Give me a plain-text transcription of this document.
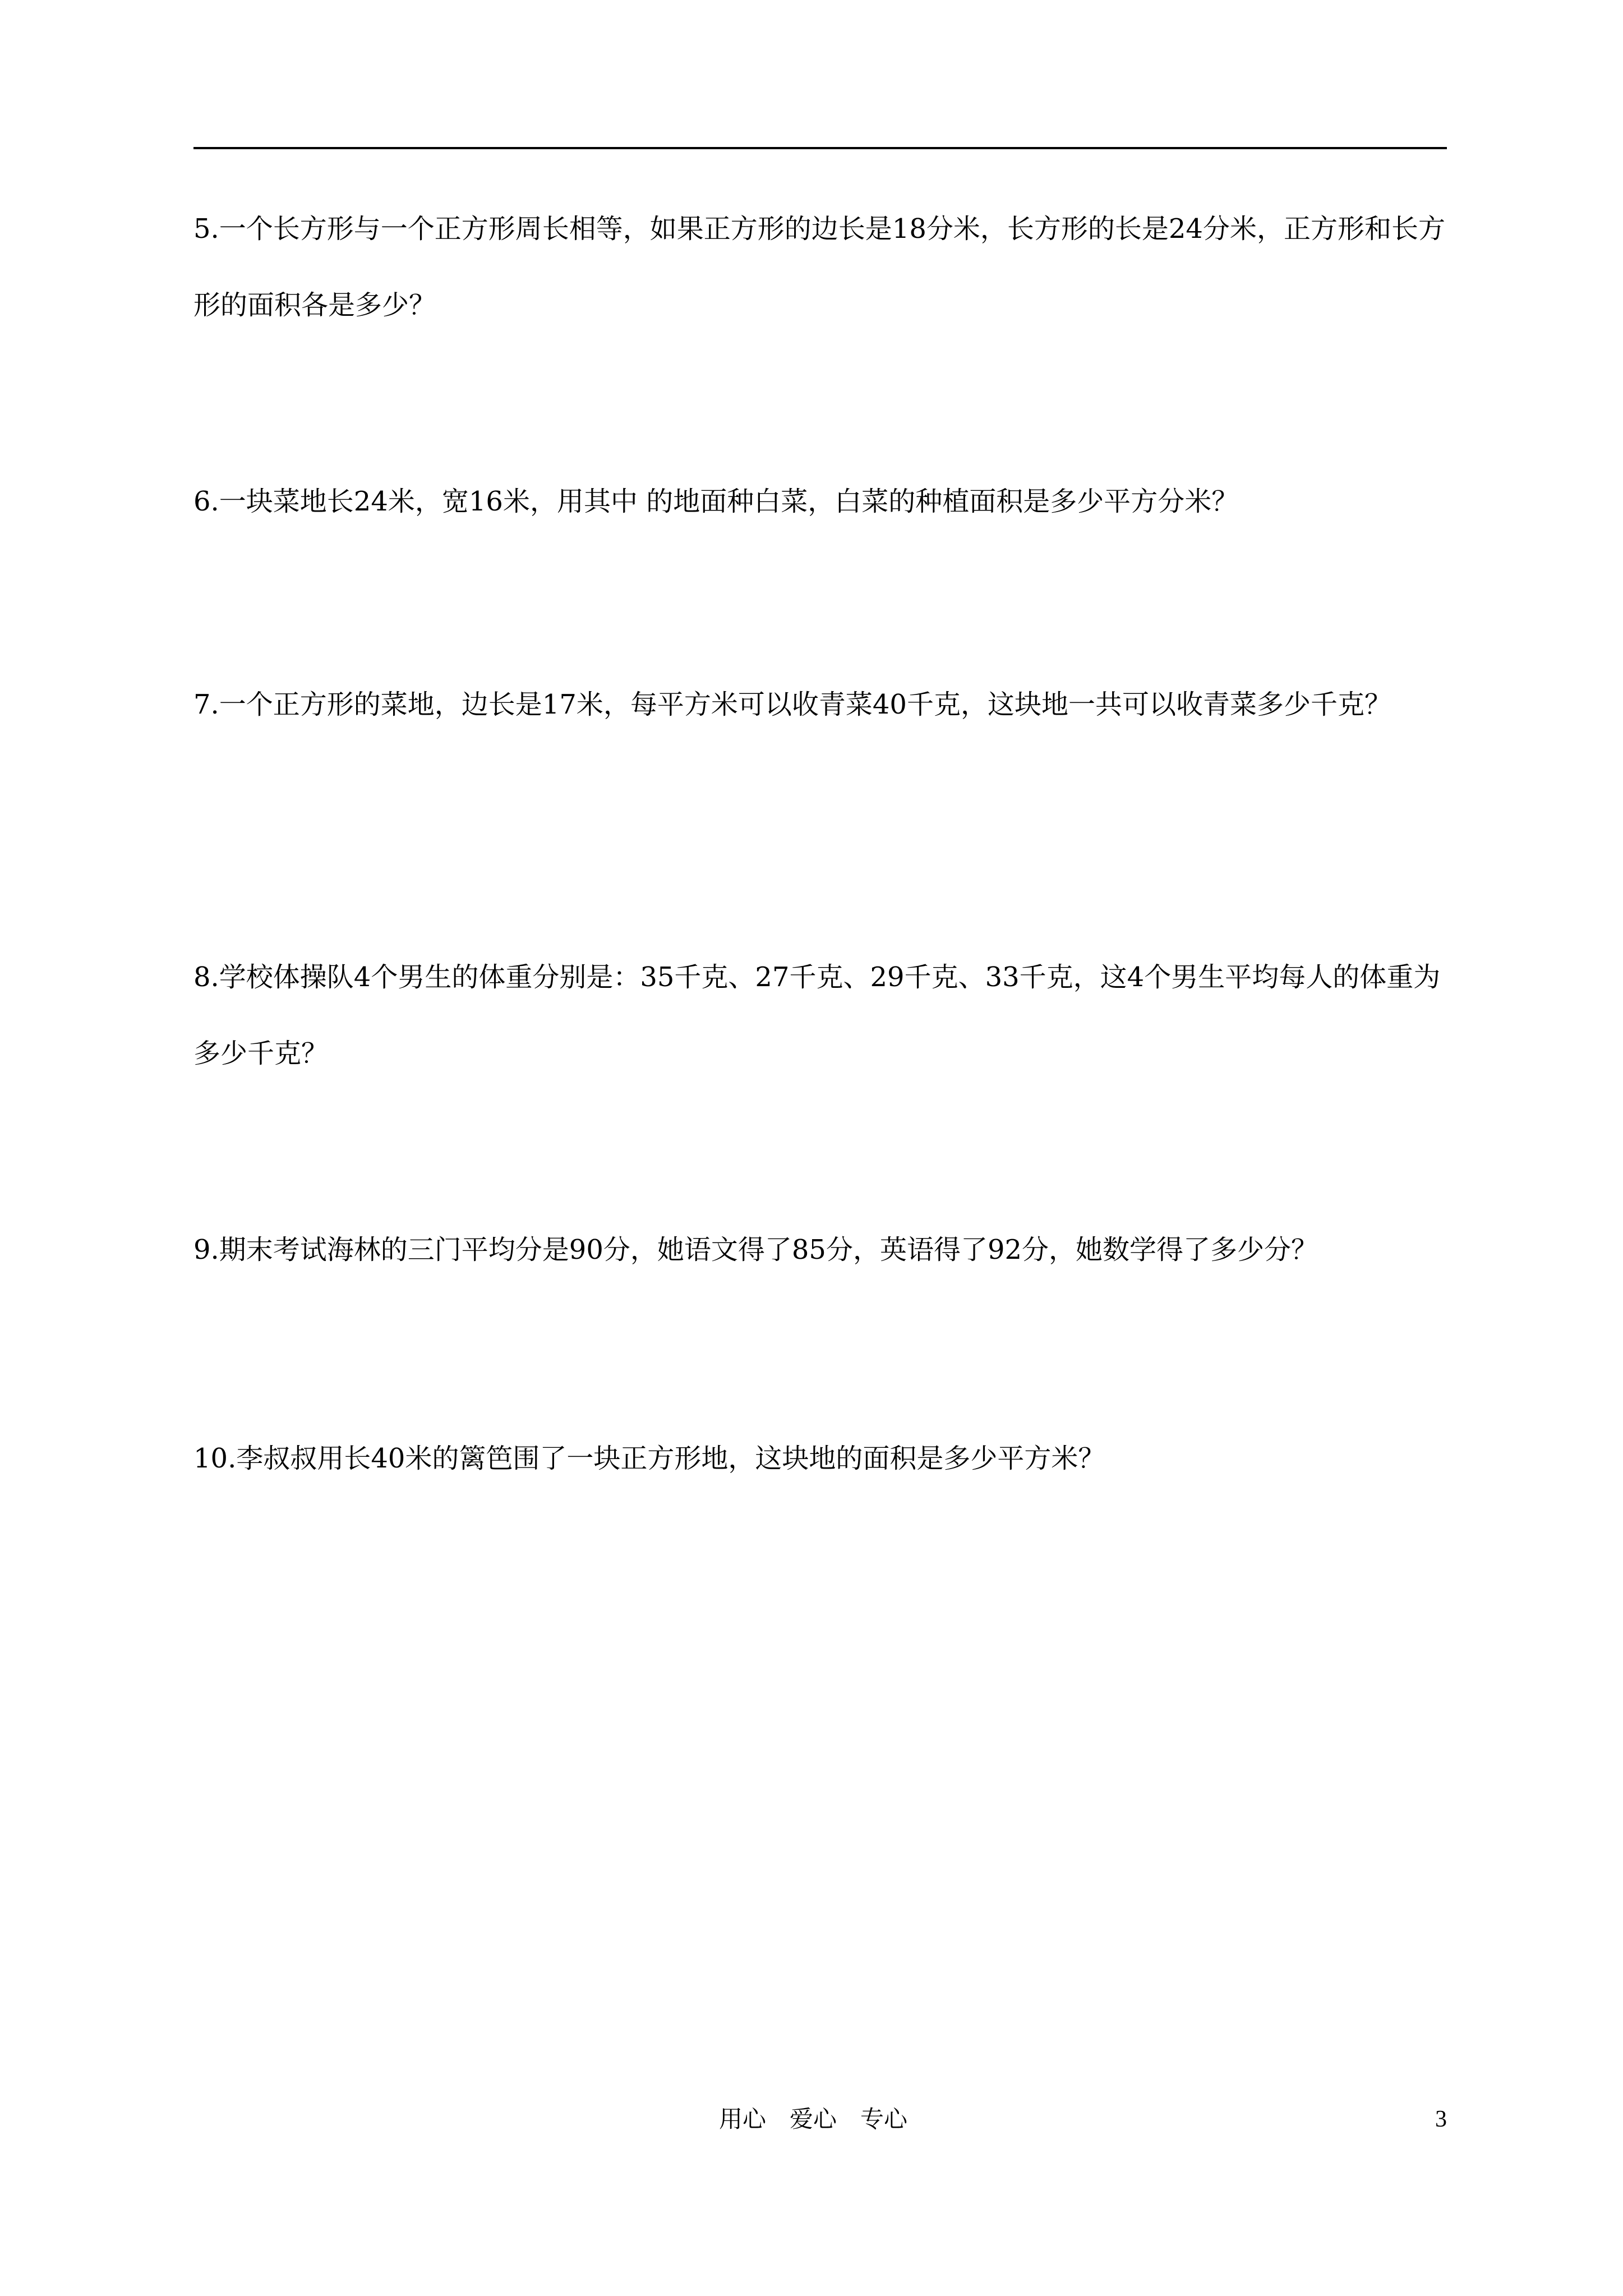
5.一个长方形与一个正方形周长相等，如果正方形的边长是18分米，长方形的长是24分米，正方形和长方形的面积各是多少？

6.一块菜地长24米，宽16米，用其中 的地面种白菜，白菜的种植面积是多少平方分米？

7.一个正方形的菜地，边长是17米，每平方米可以收青菜40千克，这块地一共可以收青菜多少千克？

8.学校体操队4个男生的体重分别是：35千克、27千克、29千克、33千克，这4个男生平均每人的体重为多少千克？

9.期末考试海林的三门平均分是90分，她语文得了85分，英语得了92分，她数学得了多少分？

10.李叔叔用长40米的篱笆围了一块正方形地，这块地的面积是多少平方米？

用心　爱心　专心	3
